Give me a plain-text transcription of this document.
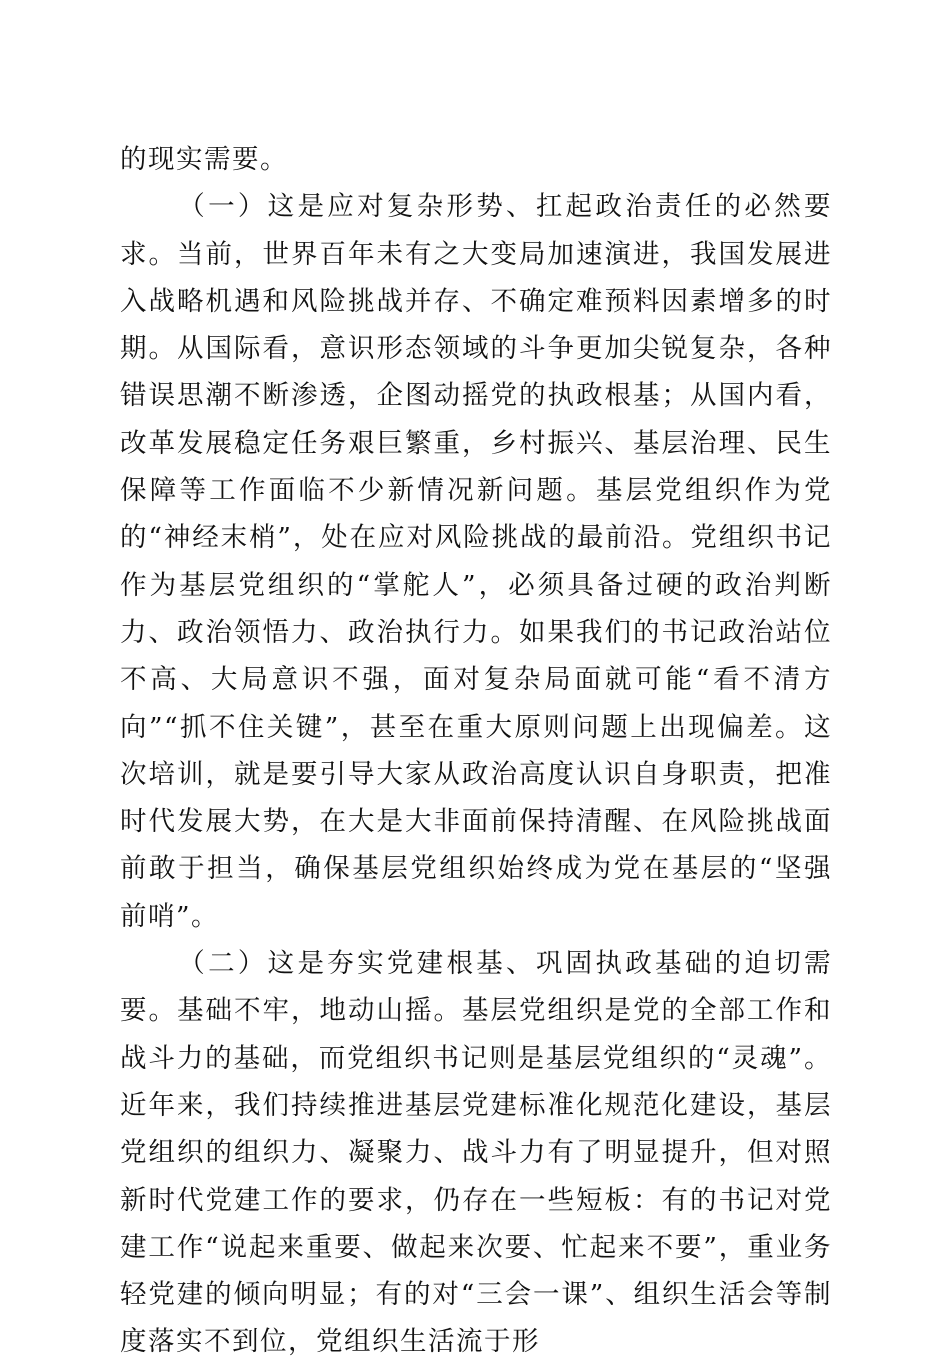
的现实需要。

（一）这是应对复杂形势、扛起政治责任的必然要求。当前，世界百年未有之大变局加速演进，我国发展进入战略机遇和风险挑战并存、不确定难预料因素增多的时期。从国际看，意识形态领域的斗争更加尖锐复杂，各种错误思潮不断渗透，企图动摇党的执政根基；从国内看，改革发展稳定任务艰巨繁重，乡村振兴、基层治理、民生保障等工作面临不少新情况新问题。基层党组织作为党的“神经末梢”，处在应对风险挑战的最前沿。党组织书记作为基层党组织的“掌舵人”，必须具备过硬的政治判断力、政治领悟力、政治执行力。如果我们的书记政治站位不高、大局意识不强，面对复杂局面就可能“看不清方向”“抓不住关键”，甚至在重大原则问题上出现偏差。这次培训，就是要引导大家从政治高度认识自身职责，把准时代发展大势，在大是大非面前保持清醒、在风险挑战面前敢于担当，确保基层党组织始终成为党在基层的“坚强前哨”。

（二）这是夯实党建根基、巩固执政基础的迫切需要。基础不牢，地动山摇。基层党组织是党的全部工作和战斗力的基础，而党组织书记则是基层党组织的“灵魂”。近年来，我们持续推进基层党建标准化规范化建设，基层党组织的组织力、凝聚力、战斗力有了明显提升，但对照新时代党建工作的要求，仍存在一些短板：有的书记对党建工作“说起来重要、做起来次要、忙起来不要”，重业务轻党建的倾向明显；有的对“三会一课”、组织生活会等制度落实不到位，党组织生活流于形
